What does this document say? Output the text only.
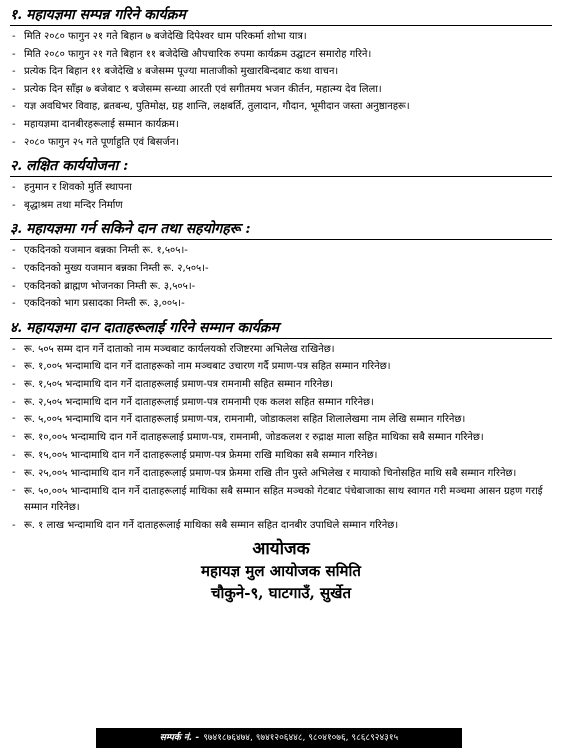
१. महायज्ञमा सम्पन्न गरिने कार्यक्रम
- मिति २०८० फागुन २१ गते बिहान ७ बजेदेखि दिपेश्वर धाम परिकर्मा शोभा यात्र।
- मिति २०८० फागुन २१ गते बिहान ११ बजेदेखि औपचारिक रुपमा कार्यक्रम उद्घाटन समारोह गरिने।
- प्रत्येक दिन बिहान ११ बजेदेखि ४ बजेसम्म पूज्या माताजीको मुखारबिन्दबाट कथा वाचन।
- प्रत्येक दिन साँझ ७ बजेबाट ९ बजेसम्म सन्ध्या आरती एवं सगीतमय भजन कीर्तन, महात्म्य देव लिला।
- यज्ञ अवधिभर विवाह, ब्रतबन्ध, पुतिमोक्ष, ग्रह शान्ति, लक्षबर्ति, तुलादान, गौदान, भूमीदान जस्ता अनुष्ठानहरू।
- महायज्ञमा दानबीरहरूलाई सम्मान कार्यक्रम।
- २०८० फागुन २५ गते पूर्णाहुति एवं बिसर्जन।
२. लक्षित कार्ययोजना :
- हनुमान र शिवको मुर्ति स्थापना
- बृद्धाश्रम तथा मन्दिर निर्माण
३. महायज्ञमा गर्न सकिने दान तथा सहयोगहरू :
- एकदिनको यजमान बन्नका निम्ती रू. १,५०५।-
- एकदिनको मुख्य यजमान बन्नका निम्ती रू. २,५०५।-
- एकदिनको ब्राह्मण भोजनका निम्ती रू. ३,५०५।-
- एकदिनको भाग प्रसादका निम्ती रू. ३,००५।-
४. महायज्ञमा दान दाताहरूलाई गरिने सम्मान कार्यक्रम
- रू. ५०५ सम्म दान गर्ने दाताको नाम मञ्चबाट कार्यलयको रजिष्टरमा अभिलेख राखिनेछ।
- रू. १,००५ भन्दामाथि दान गर्ने दाताहरूको नाम मञ्चबाट उचारण गर्दै प्रमाण-पत्र सहित सम्मान गरिनेछ।
- रू. १,५०५ भन्दामाथि दान गर्ने दाताहरूलाई प्रमाण-पत्र रामनामी सहित सम्मान गरिनेछ।
- रू. २,५०५ भन्दामाथि दान गर्ने दाताहरूलाई प्रमाण-पत्र रामनामी एक कलश सहित सम्मान गरिनेछ।
- रू. ५,००५ भन्दामाथि दान गर्ने दाताहरूलाई प्रमाण-पत्र, रामनामी, जोडाकलश सहित शिलालेखमा नाम लेखि सम्मान गरिनेछ।
- रू. १०,००५ भन्दामाथि दान गर्ने दाताहरूलाई प्रमाण-पत्र, रामनामी, जोडकलश र रुद्राक्ष माला सहित माथिका सबै सम्मान गरिनेछ।
- रू. १५,००५ भान्दामाथि दान गर्ने दाताहरूलाई प्रमाण-पत्र फ्रेममा राखि माथिका सबै सम्मान गरिनेछ।
- रू. २५,००५ भान्दामाथि दान गर्ने दाताहरूलाई प्रमाण-पत्र फ्रेममा राखि तीन पुस्ते अभिलेख र मायाको चिनोसहित माथि सबै सम्मान गरिनेछ।
- रू. ५०,००५ भान्दामाथि दान गर्ने दाताहरूलाई माथिका सबै सम्मान सहित मञ्चको गेटबाट पंचेबाजाका साथ स्वागत गरी मञ्चमा आसन ग्रहण गराई सम्मान गरिनेछ।
- रू. १ लाख भन्दामाथि दान गर्ने दाताहरूलाई माथिका सबै सम्मान सहित दानबीर उपाधिले सम्मान गरिनेछ।
आयोजक
महायज्ञ मुल आयोजक समिति
चौकुने-९, घाटगाउँ, सुर्खेत
सम्पर्क नं. - ९७४१८७६४७४, ९७४१२०६४४८, ९८०४१०७६, ९८६८९२४३१५
